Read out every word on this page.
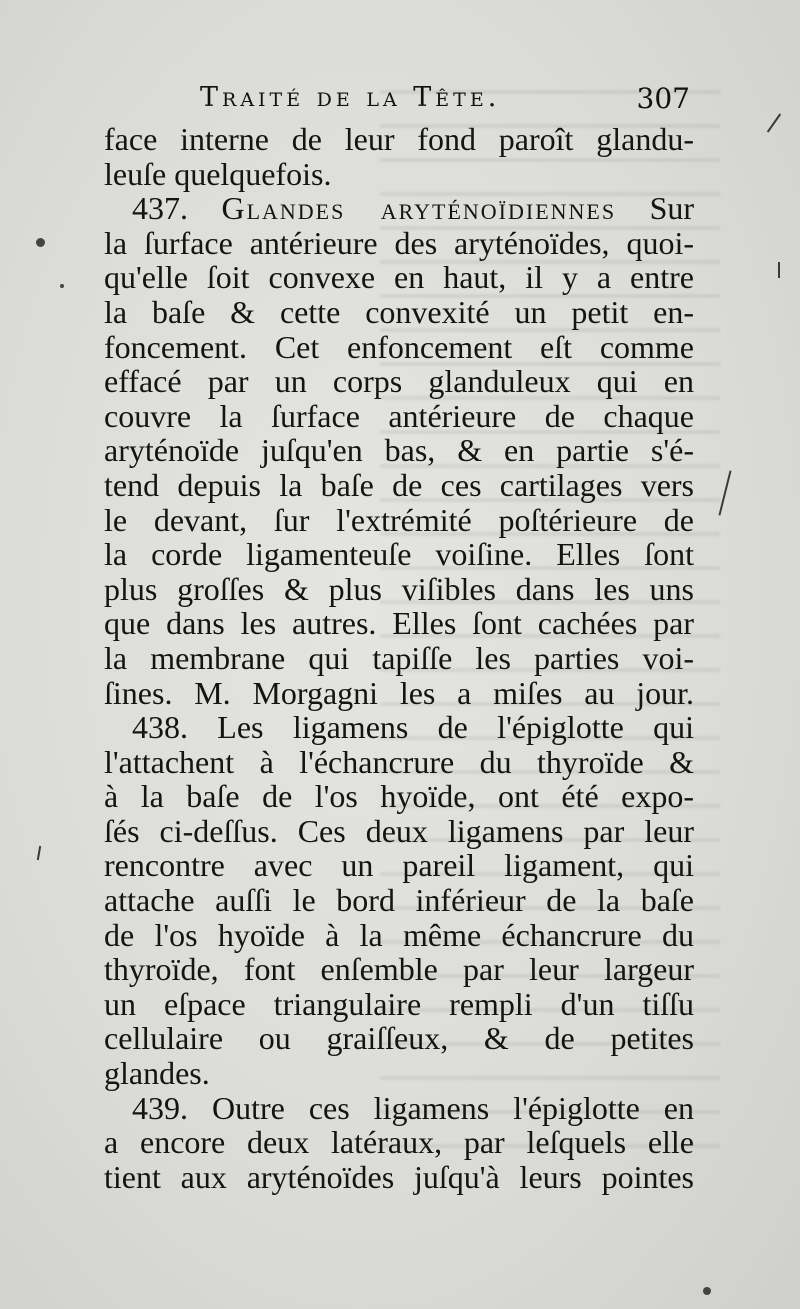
Traité de la Tête.	307
face interne de leur fond paroît glandu-
leuſe quelquefois.
437. Glandes aryténoïdiennes Sur
la ſurface antérieure des aryténoïdes, quoi-
qu'elle ſoit convexe en haut, il y a entre
la baſe & cette convexité un petit en-
foncement. Cet enfoncement eſt comme
effacé par un corps glanduleux qui en
couvre la ſurface antérieure de chaque
aryténoïde juſqu'en bas, & en partie s'é-
tend depuis la baſe de ces cartilages vers
le devant, ſur l'extrémité poſtérieure de
la corde ligamenteuſe voiſine. Elles ſont
plus groſſes & plus viſibles dans les uns
que dans les autres. Elles ſont cachées par
la membrane qui tapiſſe les parties voi-
ſines. M. Morgagni les a miſes au jour.
438. Les ligamens de l'épiglotte qui
l'attachent à l'échancrure du thyroïde &
à la baſe de l'os hyoïde, ont été expo-
ſés ci-deſſus. Ces deux ligamens par leur
rencontre avec un pareil ligament, qui
attache auſſi le bord inférieur de la baſe
de l'os hyoïde à la même échancrure du
thyroïde, font enſemble par leur largeur
un eſpace triangulaire rempli d'un tiſſu
cellulaire ou graiſſeux, & de petites
glandes.
439. Outre ces ligamens l'épiglotte en
a encore deux latéraux, par leſquels elle
tient aux aryténoïdes juſqu'à leurs pointes
